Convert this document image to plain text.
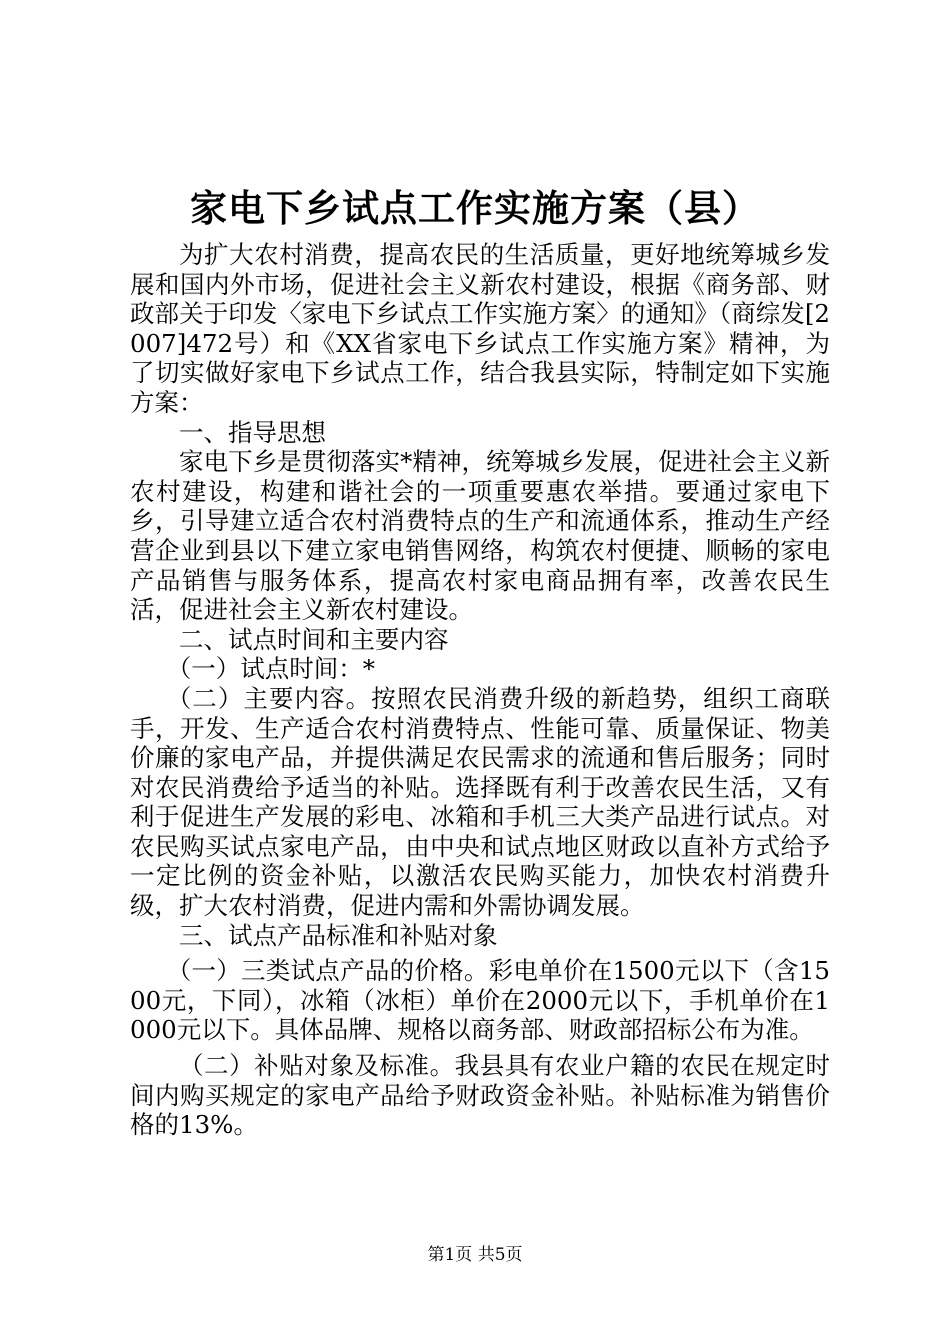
家电下乡试点工作实施方案（县）

为扩大农村消费，提高农民的生活质量，更好地统筹城乡发展和国内外市场，促进社会主义新农村建设，根据《商务部、财政部关于印发〈家电下乡试点工作实施方案〉的通知》（商综发[2007]472号）和《XX省家电下乡试点工作实施方案》精神，为了切实做好家电下乡试点工作，结合我县实际，特制定如下实施方案：

一、指导思想

家电下乡是贯彻落实*精神，统筹城乡发展，促进社会主义新农村建设，构建和谐社会的一项重要惠农举措。要通过家电下乡，引导建立适合农村消费特点的生产和流通体系，推动生产经营企业到县以下建立家电销售网络，构筑农村便捷、顺畅的家电产品销售与服务体系，提高农村家电商品拥有率，改善农民生活，促进社会主义新农村建设。

二、试点时间和主要内容

（一）试点时间：*

（二）主要内容。按照农民消费升级的新趋势，组织工商联手，开发、生产适合农村消费特点、性能可靠、质量保证、物美价廉的家电产品，并提供满足农民需求的流通和售后服务；同时对农民消费给予适当的补贴。选择既有利于改善农民生活，又有利于促进生产发展的彩电、冰箱和手机三大类产品进行试点。对农民购买试点家电产品，由中央和试点地区财政以直补方式给予一定比例的资金补贴，以激活农民购买能力，加快农村消费升级，扩大农村消费，促进内需和外需协调发展。

三、试点产品标准和补贴对象

（一）三类试点产品的价格。彩电单价在1500元以下（含1500元，下同），冰箱（冰柜）单价在2000元以下，手机单价在1000元以下。具体品牌、规格以商务部、财政部招标公布为准。

（二）补贴对象及标准。我县具有农业户籍的农民在规定时间内购买规定的家电产品给予财政资金补贴。补贴标准为销售价格的13%。

第1页 共5页
